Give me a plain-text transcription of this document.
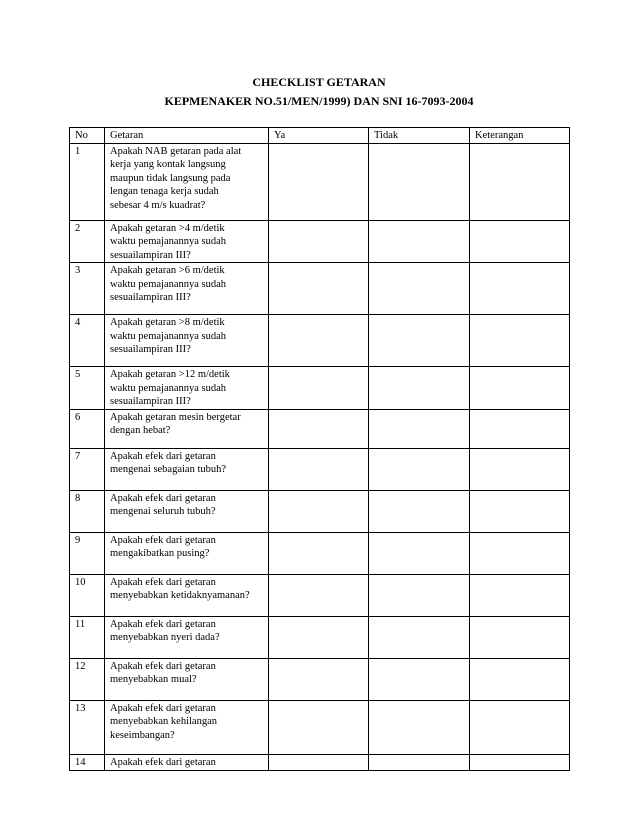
CHECKLIST GETARAN
KEPMENAKER NO.51/MEN/1999) DAN SNI 16-7093-2004
No	Getaran	Ya	Tidak	Keterangan
1	Apakah NAB getaran pada alat
kerja yang kontak langsung
maupun tidak langsung pada
lengan tenaga kerja sudah
sebesar 4 m/s kuadrat?			

2	Apakah getaran >4 m/detik
waktu pemajanannya sudah
sesuailampiran III?			

3	Apakah getaran >6 m/detik
waktu pemajanannya sudah
sesuailampiran III?			

4	Apakah getaran >8 m/detik
waktu pemajanannya sudah
sesuailampiran III?			

5	Apakah getaran >12 m/detik
waktu pemajanannya sudah
sesuailampiran III?			

6	Apakah getaran mesin bergetar
dengan hebat?			

7	Apakah efek dari getaran
mengenai sebagaian tubuh?			

8	Apakah efek dari getaran
mengenai seluruh tubuh?			

9	Apakah efek dari getaran
mengakibatkan pusing?			

10	Apakah efek dari getaran
menyebabkan ketidaknyamanan?			

11	Apakah efek dari getaran
menyebabkan nyeri dada?			

12	Apakah efek dari getaran
menyebabkan mual?			

13	Apakah efek dari getaran
menyebabkan kehilangan
keseimbangan?			

14	Apakah efek dari getaran			
